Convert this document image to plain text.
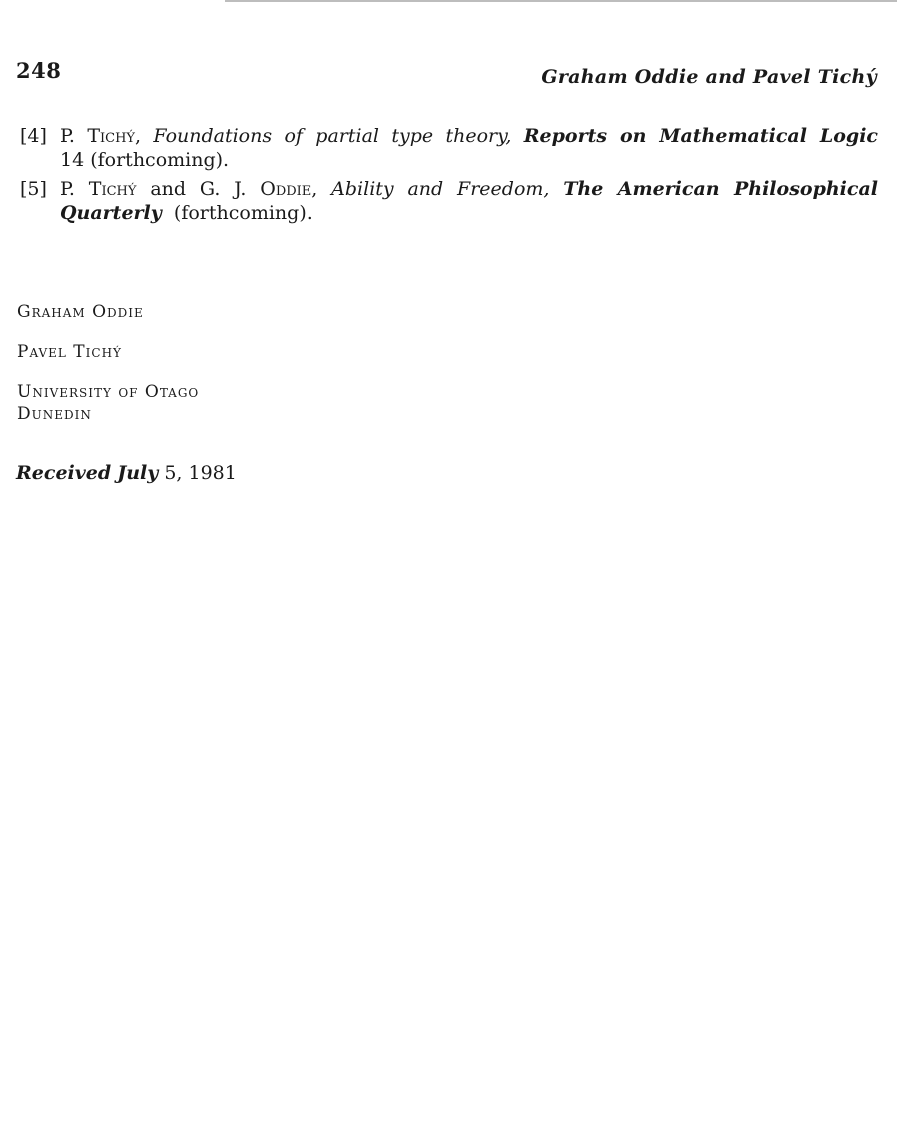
248	Graham Oddie and Pavel Tichý
[4] P. Tichý, Foundations of partial type theory, Reports on Mathematical Logic
14 (forthcoming).
[5] P. Tichý and G. J. Oddie, Ability and Freedom, The American Philosophical
Quarterly (forthcoming).
Graham Oddie
Pavel Tichý
University of Otago
Dunedin
Received July 5, 1981
